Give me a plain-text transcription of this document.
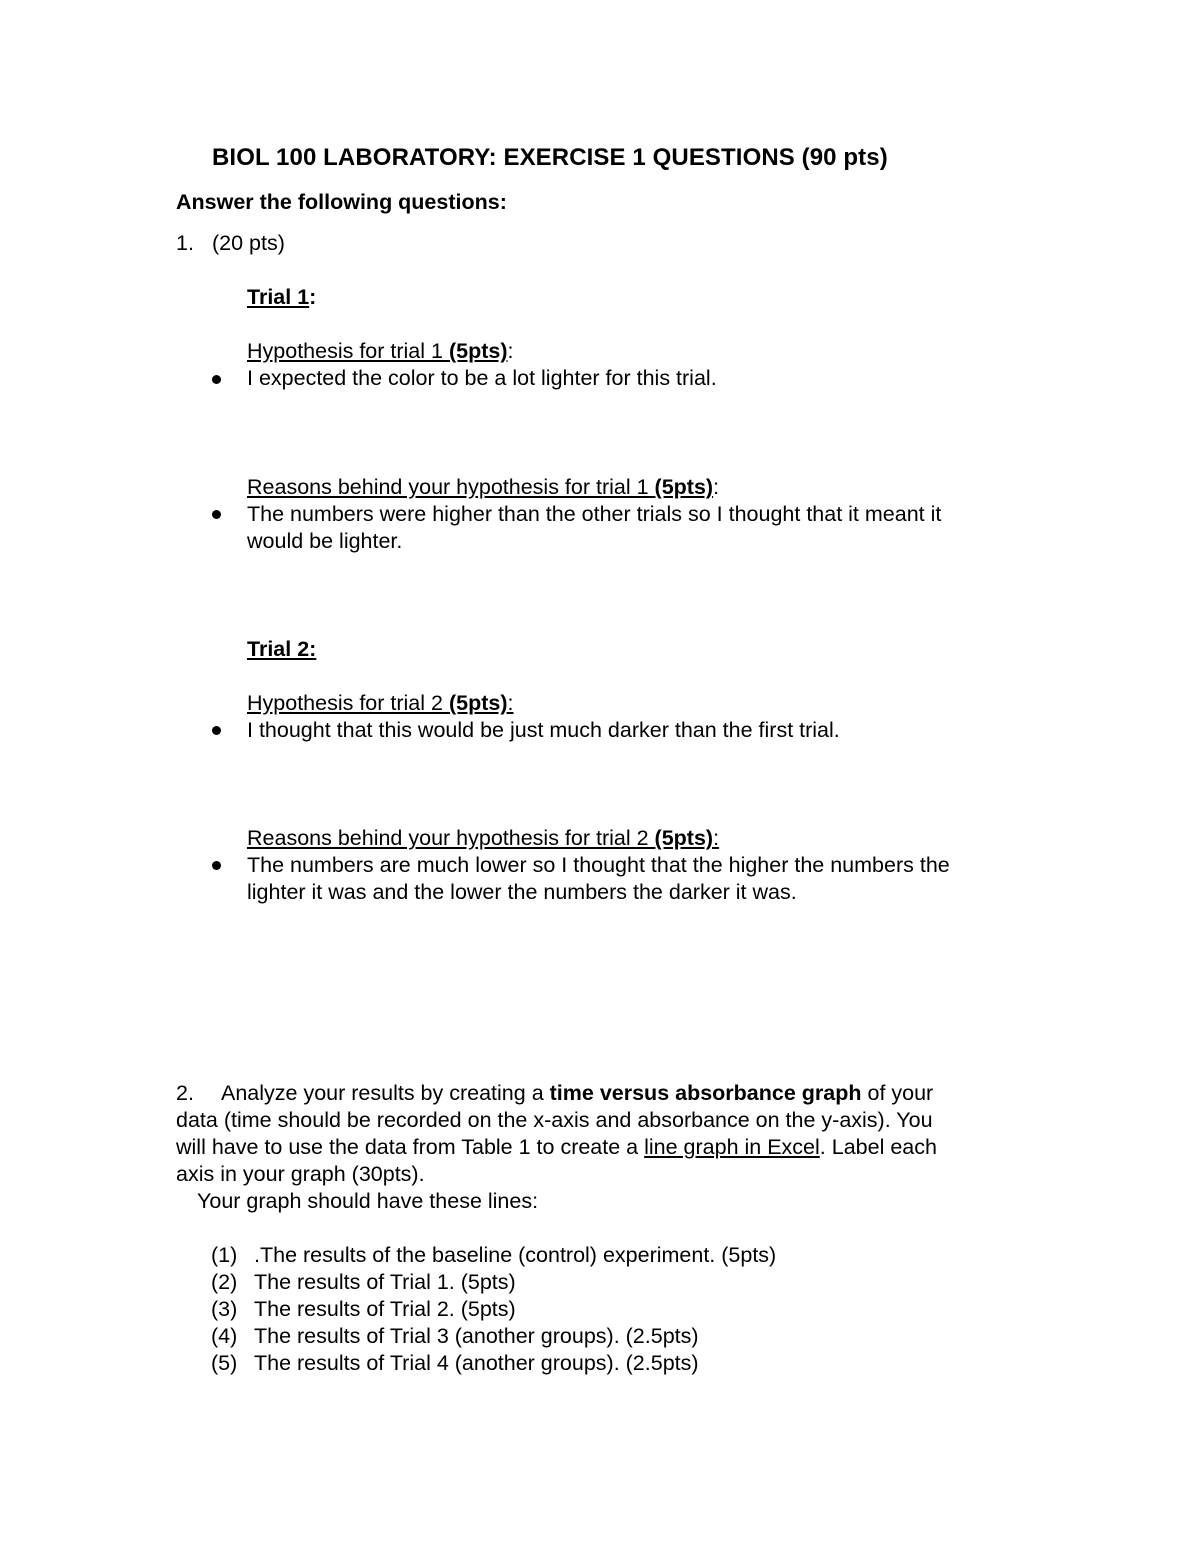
BIOL 100 LABORATORY: EXERCISE 1 QUESTIONS (90 pts)
Answer the following questions:
1. (20 pts)
Trial 1:
Hypothesis for trial 1 (5pts):
I expected the color to be a lot lighter for this trial.
Reasons behind your hypothesis for trial 1 (5pts):
The numbers were higher than the other trials so I thought that it meant it
would be lighter.
Trial 2:
Hypothesis for trial 2 (5pts):
I thought that this would be just much darker than the first trial.
Reasons behind your hypothesis for trial 2 (5pts):
The numbers are much lower so I thought that the higher the numbers the
lighter it was and the lower the numbers the darker it was.
2. Analyze your results by creating a time versus absorbance graph of your
data (time should be recorded on the x-axis and absorbance on the y-axis). You
will have to use the data from Table 1 to create a line graph in Excel. Label each
axis in your graph (30pts).
Your graph should have these lines:
(1) .The results of the baseline (control) experiment. (5pts)
(2) The results of Trial 1. (5pts)
(3) The results of Trial 2. (5pts)
(4) The results of Trial 3 (another groups). (2.5pts)
(5) The results of Trial 4 (another groups). (2.5pts)
